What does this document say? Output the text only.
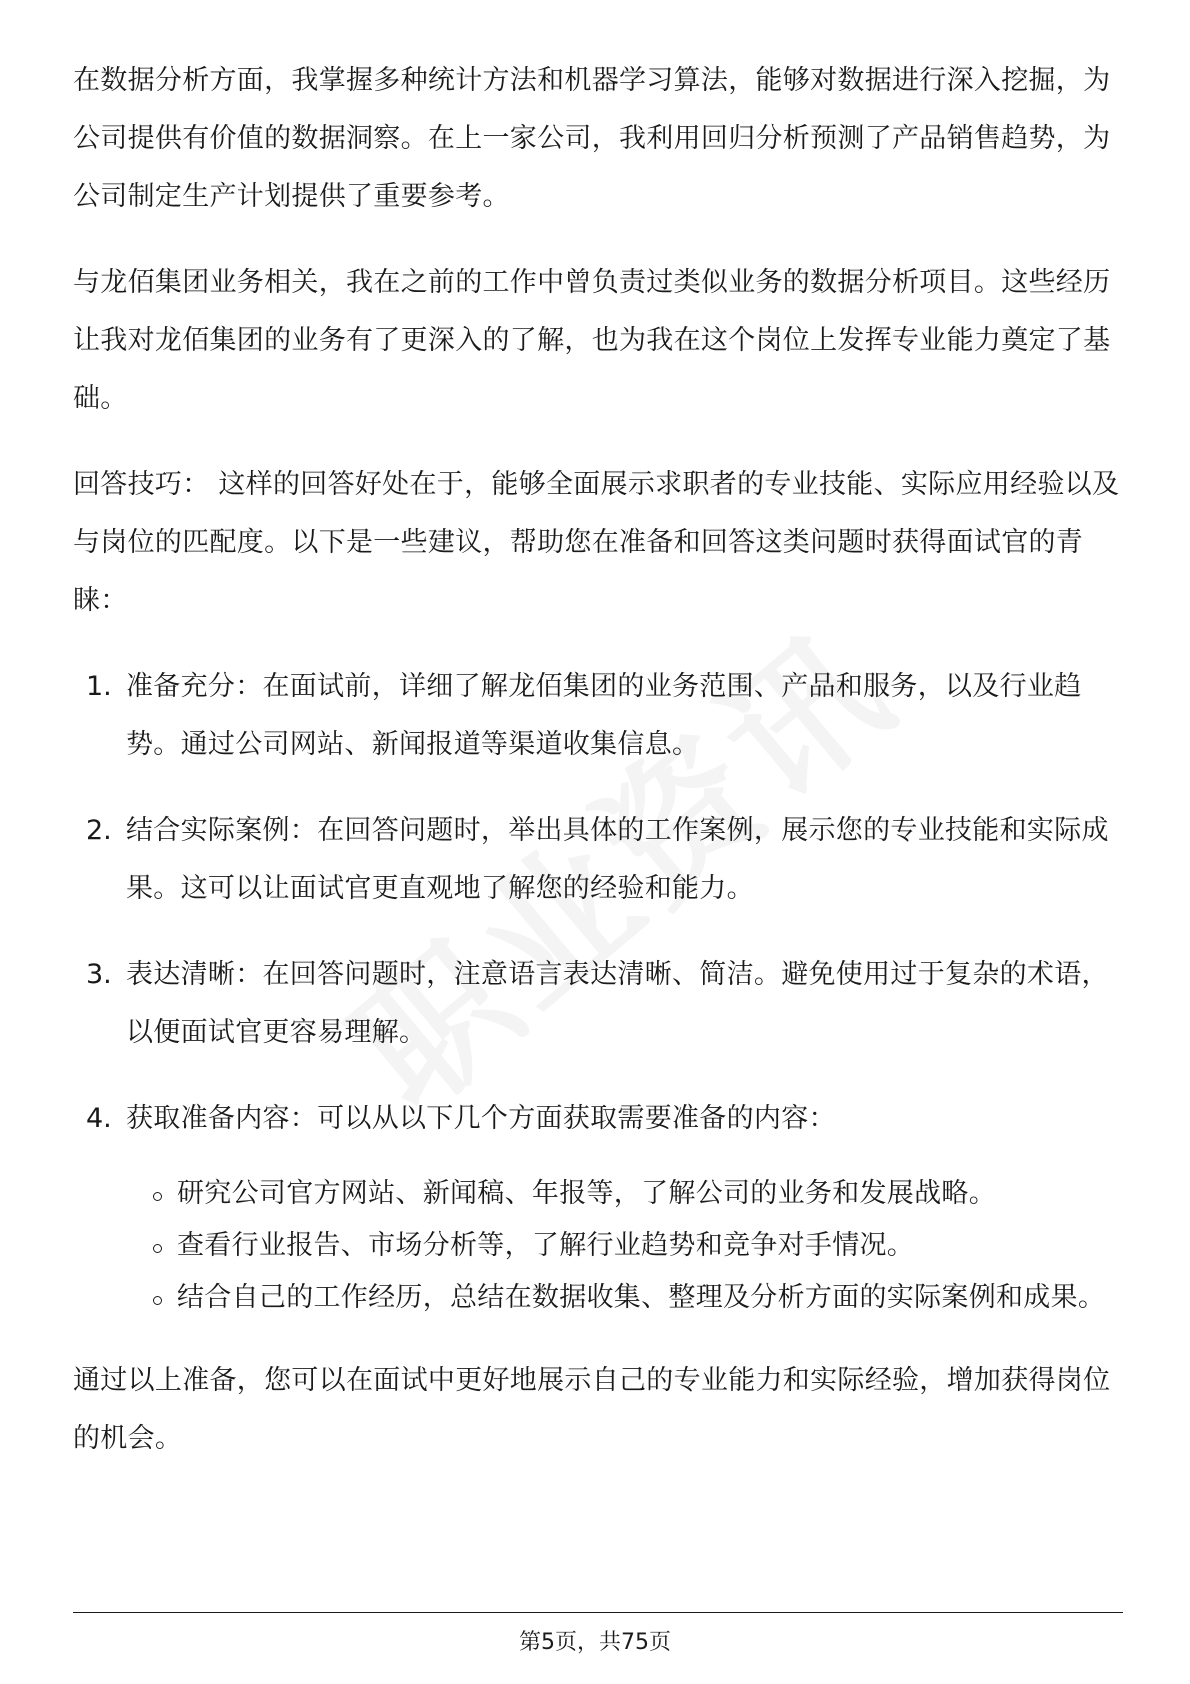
在数据分析方面，我掌握多种统计方法和机器学习算法，能够对数据进行深入挖掘，为公司提供有价值的数据洞察。在上一家公司，我利用回归分析预测了产品销售趋势，为公司制定生产计划提供了重要参考。

与龙佰集团业务相关，我在之前的工作中曾负责过类似业务的数据分析项目。这些经历让我对龙佰集团的业务有了更深入的了解，也为我在这个岗位上发挥专业能力奠定了基础。

回答技巧： 这样的回答好处在于，能够全面展示求职者的专业技能、实际应用经验以及与岗位的匹配度。以下是一些建议，帮助您在准备和回答这类问题时获得面试官的青睐：

1. 准备充分：在面试前，详细了解龙佰集团的业务范围、产品和服务，以及行业趋势。通过公司网站、新闻报道等渠道收集信息。

2. 结合实际案例：在回答问题时，举出具体的工作案例，展示您的专业技能和实际成果。这可以让面试官更直观地了解您的经验和能力。

3. 表达清晰：在回答问题时，注意语言表达清晰、简洁。避免使用过于复杂的术语，以便面试官更容易理解。

4. 获取准备内容：可以从以下几个方面获取需要准备的内容：

研究公司官方网站、新闻稿、年报等，了解公司的业务和发展战略。

查看行业报告、市场分析等，了解行业趋势和竞争对手情况。

结合自己的工作经历，总结在数据收集、整理及分析方面的实际案例和成果。

通过以上准备，您可以在面试中更好地展示自己的专业能力和实际经验，增加获得岗位的机会。

第5页，共75页
